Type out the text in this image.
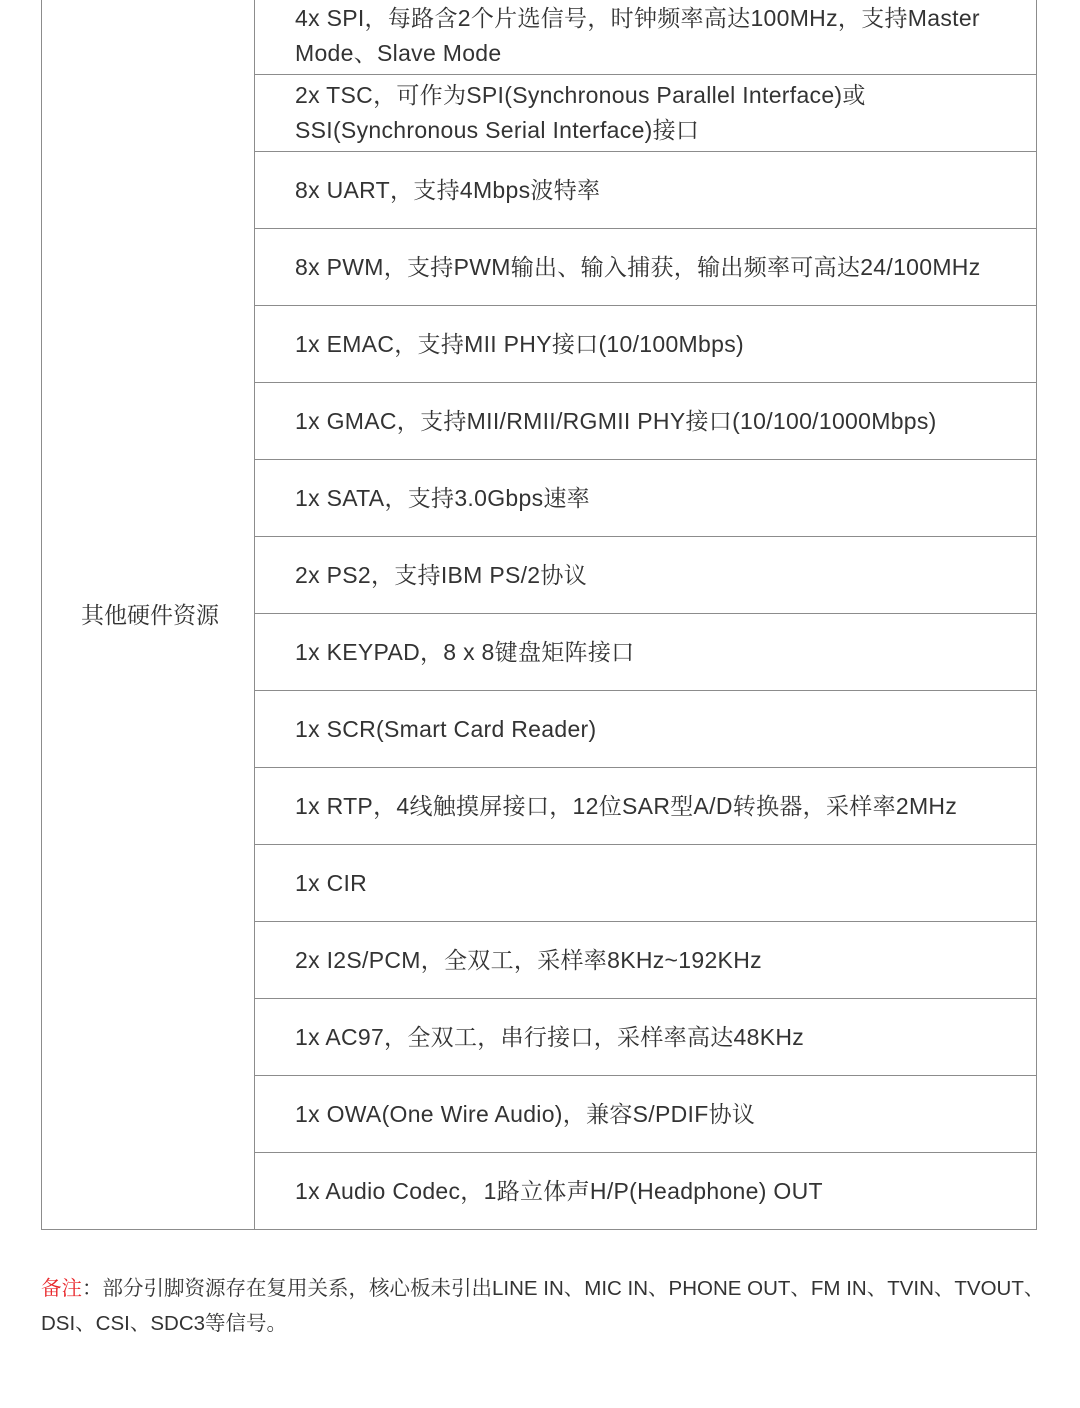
其他硬件资源	4x SPI，每路含2个片选信号，时钟频率高达100MHz，支持Master Mode、Slave Mode
2x TSC，可作为SPI(Synchronous Parallel Interface)或SSI(Synchronous Serial Interface)接口
8x UART，支持4Mbps波特率
8x PWM，支持PWM输出、输入捕获，输出频率可高达24/100MHz
1x EMAC，支持MII PHY接口(10/100Mbps)
1x GMAC，支持MII/RMII/RGMII PHY接口(10/100/1000Mbps)
1x SATA，支持3.0Gbps速率
2x PS2，支持IBM PS/2协议
1x KEYPAD，8 x 8键盘矩阵接口
1x SCR(Smart Card Reader)
1x RTP，4线触摸屏接口，12位SAR型A/D转换器，采样率2MHz
1x CIR
2x I2S/PCM，全双工，采样率8KHz~192KHz
1x AC97，全双工，串行接口，采样率高达48KHz
1x OWA(One Wire Audio)，兼容S/PDIF协议
1x Audio Codec，1路立体声H/P(Headphone) OUT
备注：部分引脚资源存在复用关系，核心板未引出LINE IN、MIC IN、PHONE OUT、FM IN、TVIN、TVOUT、DSI、CSI、SDC3等信号。
